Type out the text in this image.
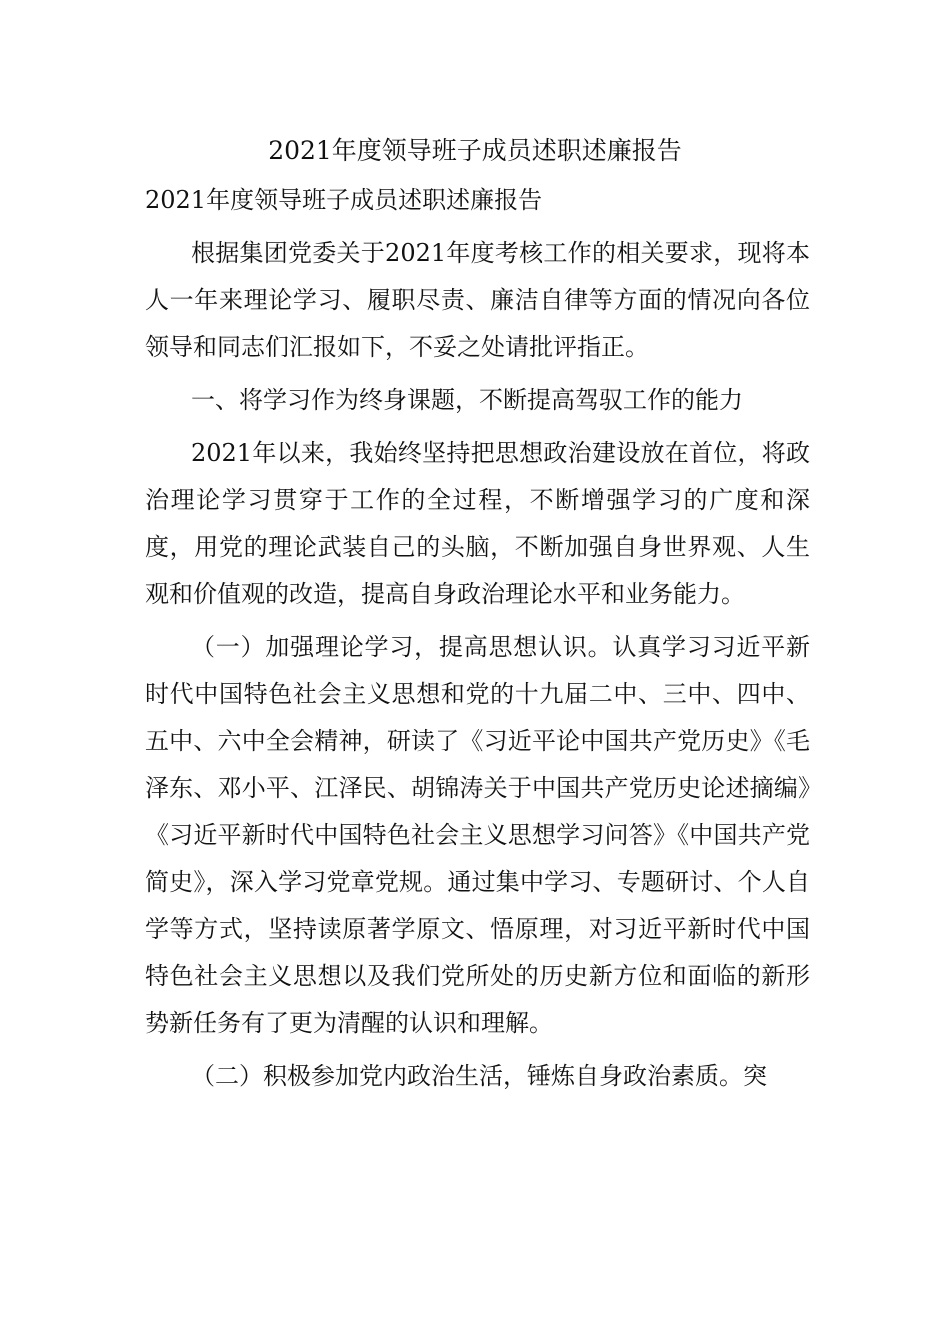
2021年度领导班子成员述职述廉报告

2021年度领导班子成员述职述廉报告

根据集团党委关于2021年度考核工作的相关要求，现将本人一年来理论学习、履职尽责、廉洁自律等方面的情况向各位领导和同志们汇报如下，不妥之处请批评指正。

一、将学习作为终身课题，不断提高驾驭工作的能力

2021年以来，我始终坚持把思想政治建设放在首位，将政治理论学习贯穿于工作的全过程，不断增强学习的广度和深度，用党的理论武装自己的头脑，不断加强自身世界观、人生观和价值观的改造，提高自身政治理论水平和业务能力。

（一）加强理论学习，提高思想认识。认真学习习近平新时代中国特色社会主义思想和党的十九届二中、三中、四中、五中、六中全会精神，研读了《习近平论中国共产党历史》《毛泽东、邓小平、江泽民、胡锦涛关于中国共产党历史论述摘编》《习近平新时代中国特色社会主义思想学习问答》《中国共产党简史》，深入学习党章党规。通过集中学习、专题研讨、个人自学等方式，坚持读原著学原文、悟原理，对习近平新时代中国特色社会主义思想以及我们党所处的历史新方位和面临的新形势新任务有了更为清醒的认识和理解。

（二）积极参加党内政治生活，锤炼自身政治素质。突
